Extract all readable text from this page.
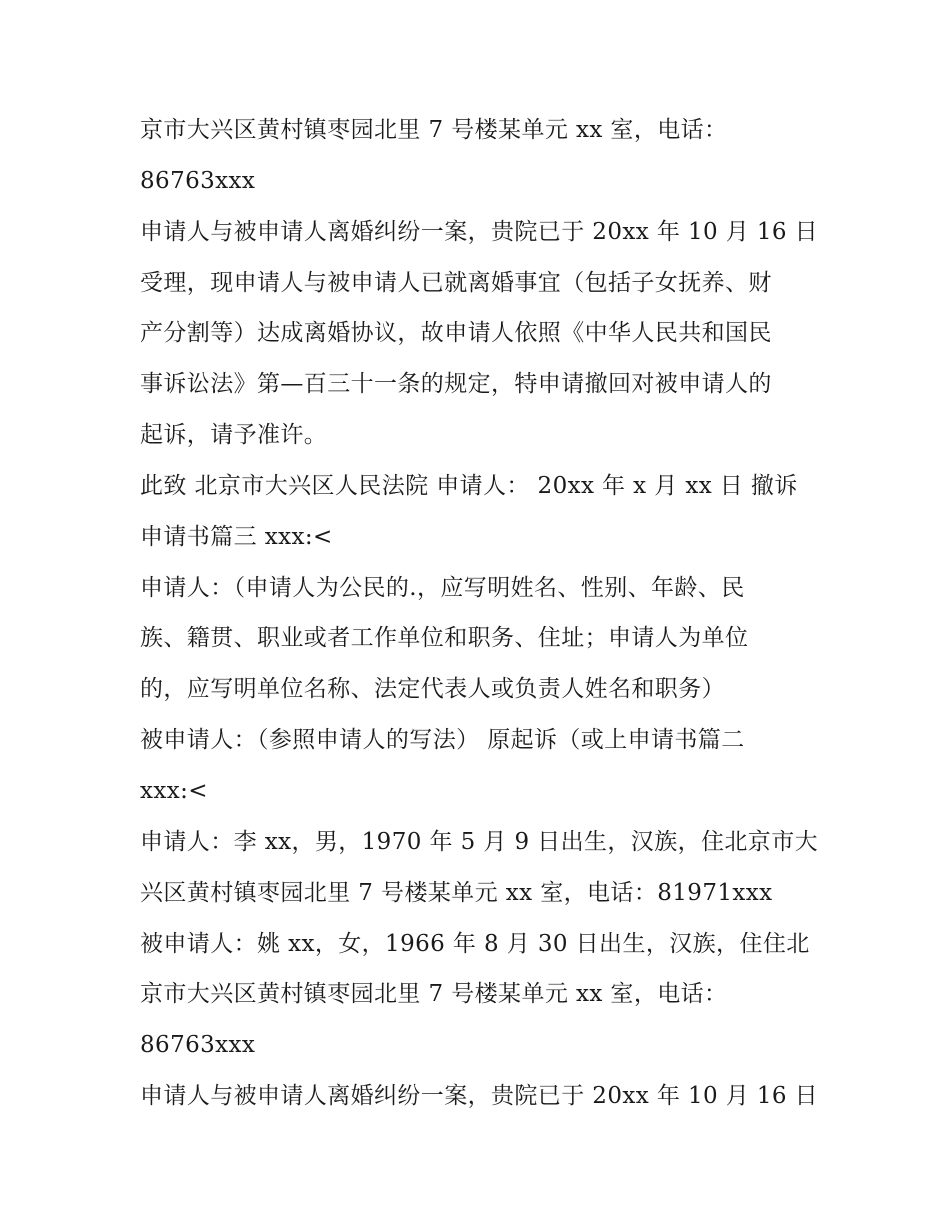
京市大兴区黄村镇枣园北里 7 号楼某单元 xx 室，电话：
86763xxx
申请人与被申请人离婚纠纷一案，贵院已于 20xx 年 10 月 16 日
受理，现申请人与被申请人已就离婚事宜（包括子女抚养、财
产分割等）达成离婚协议，故申请人依照《中华人民共和国民
事诉讼法》第—百三十一条的规定，特申请撤回对被申请人的
起诉，请予准许。
此致 北京市大兴区人民法院 申请人： 20xx 年 x 月 xx 日 撤诉
申请书篇三 xxx:<
申请人：（申请人为公民的.，应写明姓名、性别、年龄、民
族、籍贯、职业或者工作单位和职务、住址；申请人为单位
的，应写明单位名称、法定代表人或负责人姓名和职务）
被申请人：（参照申请人的写法） 原起诉（或上申请书篇二
xxx:<
申请人：李 xx，男，1970 年 5 月 9 日出生，汉族，住北京市大
兴区黄村镇枣园北里 7 号楼某单元 xx 室，电话：81971xxx
被申请人：姚 xx，女，1966 年 8 月 30 日出生，汉族，住住北
京市大兴区黄村镇枣园北里 7 号楼某单元 xx 室，电话：
86763xxx
申请人与被申请人离婚纠纷一案，贵院已于 20xx 年 10 月 16 日
